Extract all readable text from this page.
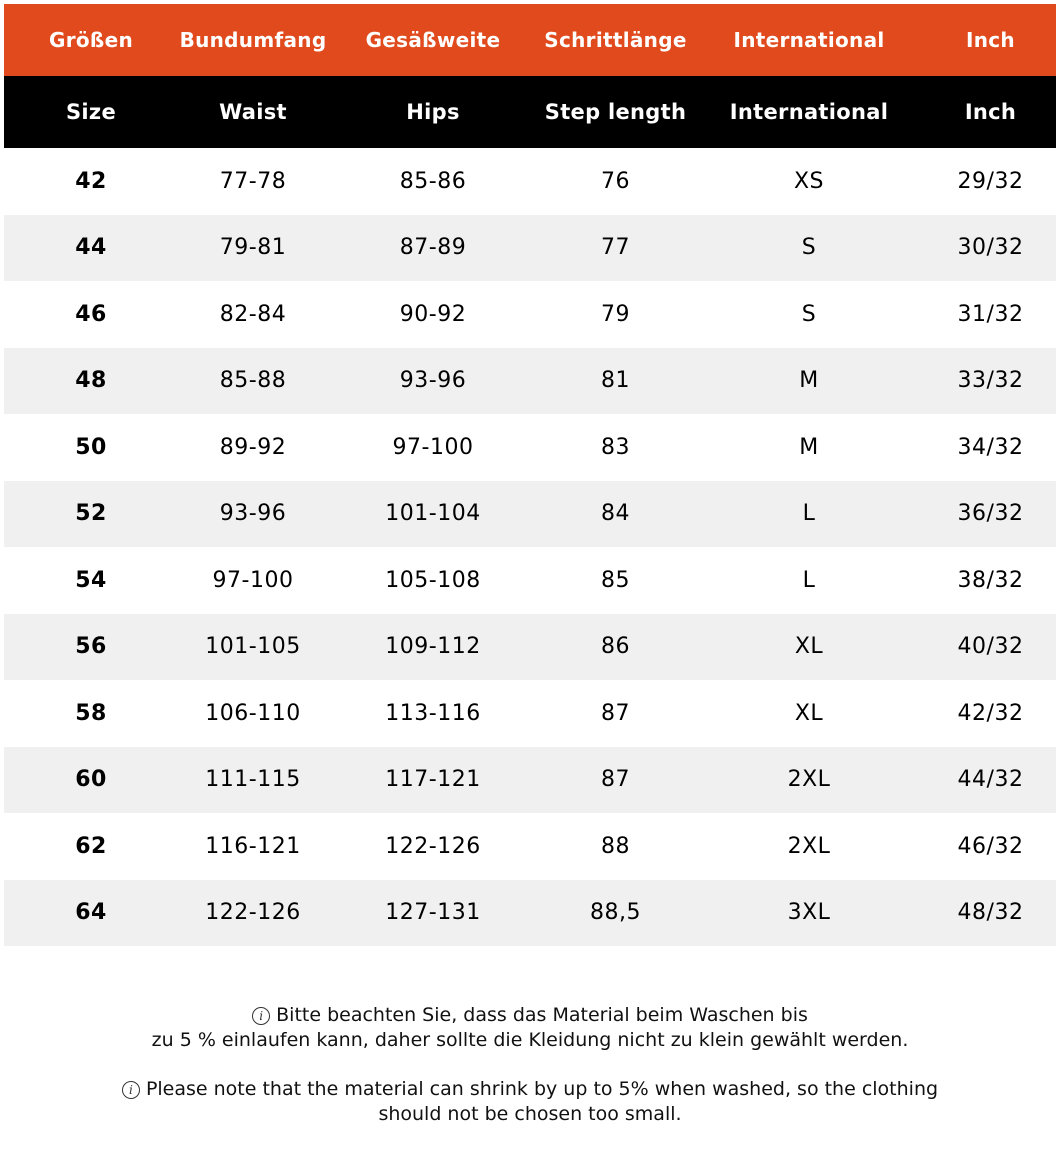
Größen	Bundumfang	Gesäßweite	Schrittlänge	International	Inch
Size	Waist	Hips	Step length	International	Inch
42	77-78	85-86	76	XS	29/32
44	79-81	87-89	77	S	30/32
46	82-84	90-92	79	S	31/32
48	85-88	93-96	81	M	33/32
50	89-92	97-100	83	M	34/32
52	93-96	101-104	84	L	36/32
54	97-100	105-108	85	L	38/32
56	101-105	109-112	86	XL	40/32
58	106-110	113-116	87	XL	42/32
60	111-115	117-121	87	2XL	44/32
62	116-121	122-126	88	2XL	46/32
64	122-126	127-131	88,5	3XL	48/32
i Bitte beachten Sie, dass das Material beim Waschen bis
zu 5 % einlaufen kann, daher sollte die Kleidung nicht zu klein gewählt werden.
i Please note that the material can shrink by up to 5% when washed, so the clothing
should not be chosen too small.
